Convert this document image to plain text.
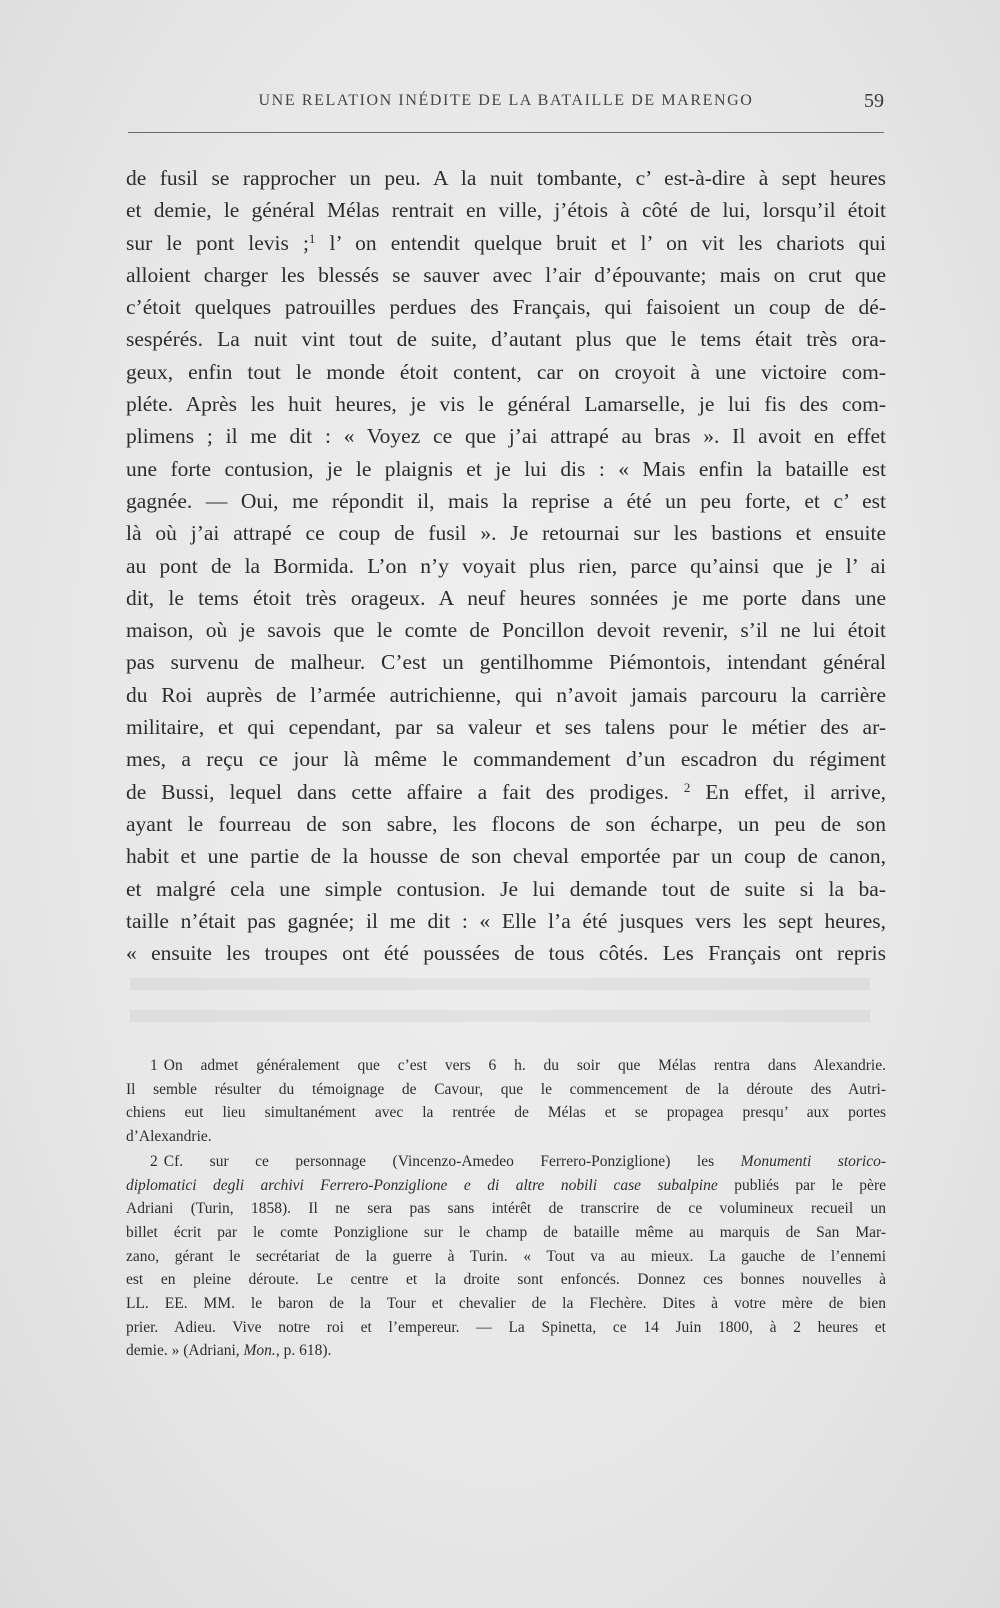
UNE RELATION INÉDITE DE LA BATAILLE DE MARENGO	59
de fusil se rapprocher un peu. A la nuit tombante, c’ est-à-dire à sept heures
et demie, le général Mélas rentrait en ville, j’étois à côté de lui, lorsqu’il étoit
sur le pont levis ;$^1$ l’ on entendit quelque bruit et l’ on vit les chariots qui
alloient charger les blessés se sauver avec l’air d’épouvante; mais on crut que
c’étoit quelques patrouilles perdues des Français, qui faisoient un coup de dé-
sespérés. La nuit vint tout de suite, d’autant plus que le tems était très ora-
geux, enfin tout le monde étoit content, car on croyoit à une victoire com-
pléte. Après les huit heures, je vis le général Lamarselle, je lui fis des com-
plimens ; il me dit : « Voyez ce que j’ai attrapé au bras ». Il avoit en effet
une forte contusion, je le plaignis et je lui dis : « Mais enfin la bataille est
gagnée. — Oui, me répondit il, mais la reprise a été un peu forte, et c’ est
là où j’ai attrapé ce coup de fusil ». Je retournai sur les bastions et ensuite
au pont de la Bormida. L’on n’y voyait plus rien, parce qu’ainsi que je l’ ai
dit, le tems étoit très orageux. A neuf heures sonnées je me porte dans une
maison, où je savois que le comte de Poncillon devoit revenir, s’il ne lui étoit
pas survenu de malheur. C’est un gentilhomme Piémontois, intendant général
du Roi auprès de l’armée autrichienne, qui n’avoit jamais parcouru la carrière
militaire, et qui cependant, par sa valeur et ses talens pour le métier des ar-
mes, a reçu ce jour là même le commandement d’un escadron du régiment
de Bussi, lequel dans cette affaire a fait des prodiges. $^2$ En effet, il arrive,
ayant le fourreau de son sabre, les flocons de son écharpe, un peu de son
habit et une partie de la housse de son cheval emportée par un coup de canon,
et malgré cela une simple contusion. Je lui demande tout de suite si la ba-
taille n’était pas gagnée; il me dit : « Elle l’a été jusques vers les sept heures,
« ensuite les troupes ont été poussées de tous côtés. Les Français ont repris
1 On admet généralement que c’est vers 6 h. du soir que Mélas rentra dans Alexandrie.
Il semble résulter du témoignage de Cavour, que le commencement de la déroute des Autri-
chiens eut lieu simultanément avec la rentrée de Mélas et se propagea presqu’ aux portes
d’Alexandrie.
2 Cf. sur ce personnage (Vincenzo-Amedeo Ferrero-Ponziglione) les Monumenti storico-
diplomatici degli archivi Ferrero-Ponziglione e di altre nobili case subalpine publiés par le père
Adriani (Turin, 1858). Il ne sera pas sans intérêt de transcrire de ce volumineux recueil un
billet écrit par le comte Ponziglione sur le champ de bataille même au marquis de San Mar-
zano, gérant le secrétariat de la guerre à Turin. « Tout va au mieux. La gauche de l’ennemi
est en pleine déroute. Le centre et la droite sont enfoncés. Donnez ces bonnes nouvelles à
LL. EE. MM. le baron de la Tour et chevalier de la Flechère. Dites à votre mère de bien
prier. Adieu. Vive notre roi et l’empereur. — La Spinetta, ce 14 Juin 1800, à 2 heures et
demie. » (Adriani, Mon., p. 618).
